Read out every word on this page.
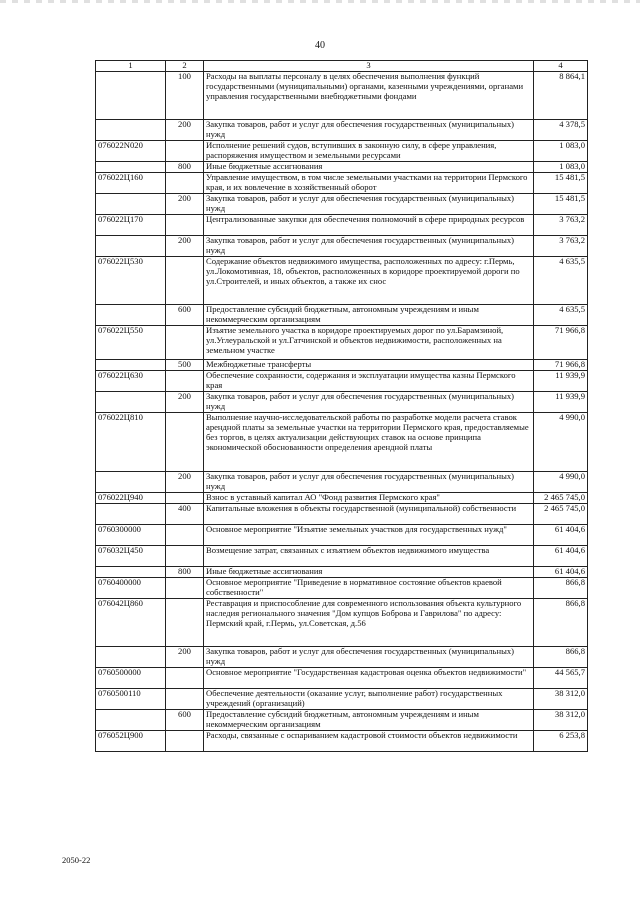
40
1	2	3	4
	100	Расходы на выплаты персоналу в целях обеспечения выполнения функций государственными (муниципальными) органами, казенными учреждениями, органами управления государственными внебюджетными фондами	8 864,1
	200	Закупка товаров, работ и услуг для обеспечения государственных (муниципальных) нужд	4 378,5
076022N020		Исполнение решений судов, вступивших в законную силу, в сфере управления, распоряжения имуществом и земельными ресурсами	1 083,0
	800	Иные бюджетные ассигнования	1 083,0
076022Ц160		Управление имуществом, в том числе земельными участками на территории Пермского края, и их вовлечение в хозяйственный оборот	15 481,5
	200	Закупка товаров, работ и услуг для обеспечения государственных (муниципальных) нужд	15 481,5
076022Ц170		Централизованные закупки для обеспечения полномочий в сфере природных ресурсов	3 763,2
	200	Закупка товаров, работ и услуг для обеспечения государственных (муниципальных) нужд	3 763,2
076022Ц530		Содержание объектов недвижимого имущества, расположенных по адресу: г.Пермь, ул.Локомотивная, 18, объектов, расположенных в коридоре проектируемой дороги по ул.Строителей, и иных объектов, а также их снос	4 635,5
	600	Предоставление субсидий бюджетным, автономным учреждениям и иным некоммерческим организациям	4 635,5
076022Ц550		Изъятие земельного участка в коридоре проектируемых дорог по ул.Барамзиной, ул.Углеуральской и ул.Гатчинской и объектов недвижимости, расположенных на земельном участке	71 966,8
	500	Межбюджетные трансферты	71 966,8
076022Ц630		Обеспечение сохранности, содержания и эксплуатации имущества казны Пермского края	11 939,9
	200	Закупка товаров, работ и услуг для обеспечения государственных (муниципальных) нужд	11 939,9
076022Ц810		Выполнение научно-исследовательской работы по разработке модели расчета ставок арендной платы за земельные участки на территории Пермского края, предоставляемые без торгов, в целях актуализации действующих ставок на основе принципа экономической обоснованности определения арендной платы	4 990,0
	200	Закупка товаров, работ и услуг для обеспечения государственных (муниципальных) нужд	4 990,0
076022Ц940		Взнос в уставный капитал АО "Фонд развития Пермского края"	2 465 745,0
	400	Капитальные вложения в объекты государственной (муниципальной) собственности	2 465 745,0
0760300000		Основное мероприятие "Изъятие земельных участков для государственных нужд"	61 404,6
076032Ц450		Возмещение затрат, связанных с изъятием объектов недвижимого имущества	61 404,6
	800	Иные бюджетные ассигнования	61 404,6
0760400000		Основное мероприятие "Приведение в нормативное состояние объектов краевой собственности"	866,8
076042Ц860		Реставрация и приспособление для современного использования объекта культурного наследия регионального значения "Дом купцов Боброва и Гаврилова" по адресу: Пермский край, г.Пермь, ул.Советская, д.56	866,8
	200	Закупка товаров, работ и услуг для обеспечения государственных (муниципальных) нужд	866,8
0760500000		Основное мероприятие "Государственная кадастровая оценка объектов недвижимости"	44 565,7
0760500110		Обеспечение деятельности (оказание услуг, выполнение работ) государственных учреждений (организаций)	38 312,0
	600	Предоставление субсидий бюджетным, автономным учреждениям и иным некоммерческим организациям	38 312,0
076052Ц900		Расходы, связанные с оспариванием кадастровой стоимости объектов недвижимости	6 253,8
2050-22
